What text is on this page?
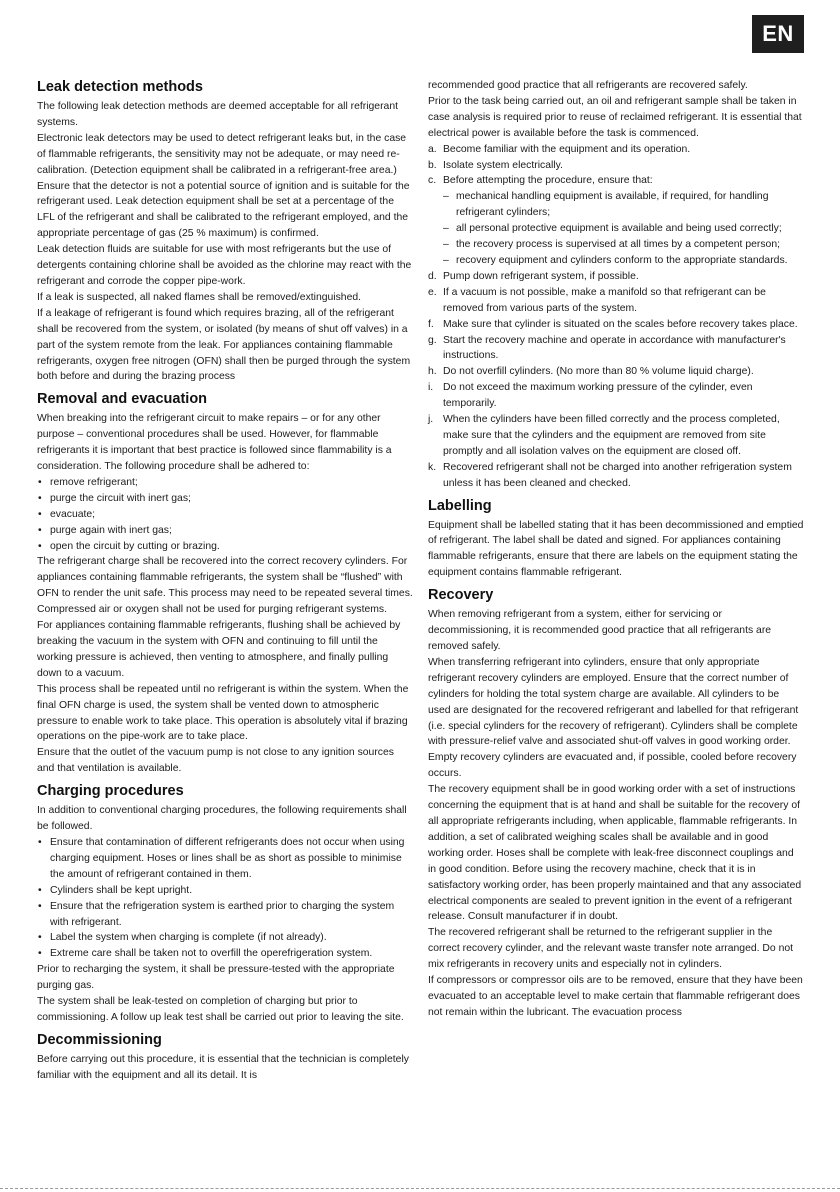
EN
Leak detection methods

The following leak detection methods are deemed acceptable for all refrigerant systems.

Electronic leak detectors may be used to detect refrigerant leaks but, in the case of flammable refrigerants, the sensitivity may not be adequate, or may need re-calibration. (Detection equipment shall be calibrated in a refrigerant-free area.) Ensure that the detector is not a potential source of ignition and is suitable for the refrigerant used. Leak detection equipment shall be set at a percentage of the LFL of the refrigerant and shall be calibrated to the refrigerant employed, and the appropriate percentage of gas (25 % maximum) is confirmed.

Leak detection fluids are suitable for use with most refrigerants but the use of detergents containing chlorine shall be avoided as the chlorine may react with the refrigerant and corrode the copper pipe-work.

If a leak is suspected, all naked flames shall be removed/extinguished.

If a leakage of refrigerant is found which requires brazing, all of the refrigerant shall be recovered from the system, or isolated (by means of shut off valves) in a part of the system remote from the leak. For appliances containing flammable refrigerants, oxygen free nitrogen (OFN) shall then be purged through the system both before and during the brazing process

Removal and evacuation

When breaking into the refrigerant circuit to make repairs – or for any other purpose – conventional procedures shall be used. However, for flammable refrigerants it is important that best practice is followed since flammability is a consideration. The following procedure shall be adhered to:

• remove refrigerant;
• purge the circuit with inert gas;
• evacuate;
• purge again with inert gas;
• open the circuit by cutting or brazing.

The refrigerant charge shall be recovered into the correct recovery cylinders. For appliances containing flammable refrigerants, the system shall be “flushed” with OFN to render the unit safe. This process may need to be repeated several times. Compressed air or oxygen shall not be used for purging refrigerant systems.

For appliances containing flammable refrigerants, flushing shall be achieved by breaking the vacuum in the system with OFN and continuing to fill until the working pressure is achieved, then venting to atmosphere, and finally pulling down to a vacuum.

This process shall be repeated until no refrigerant is within the system. When the final OFN charge is used, the system shall be vented down to atmospheric pressure to enable work to take place. This operation is absolutely vital if brazing operations on the pipe-work are to take place.

Ensure that the outlet of the vacuum pump is not close to any ignition sources and that ventilation is available.

Charging procedures

In addition to conventional charging procedures, the following requirements shall be followed.

• Ensure that contamination of different refrigerants does not occur when using charging equipment. Hoses or lines shall be as short as possible to minimise the amount of refrigerant contained in them.
• Cylinders shall be kept upright.
• Ensure that the refrigeration system is earthed prior to charging the system with refrigerant.
• Label the system when charging is complete (if not already).
• Extreme care shall be taken not to overfill the operefrigeration system.

Prior to recharging the system, it shall be pressure-tested with the appropriate purging gas.

The system shall be leak-tested on completion of charging but prior to commissioning. A follow up leak test shall be carried out prior to leaving the site.

Decommissioning

Before carrying out this procedure, it is essential that the technician is completely familiar with the equipment and all its detail. It is

recommended good practice that all refrigerants are recovered safely.

Prior to the task being carried out, an oil and refrigerant sample shall be taken in case analysis is required prior to reuse of reclaimed refrigerant. It is essential that electrical power is available before the task is commenced.

a. Become familiar with the equipment and its operation.
b. Isolate system electrically.
c. Before attempting the procedure, ensure that:
– mechanical handling equipment is available, if required, for handling refrigerant cylinders;
– all personal protective equipment is available and being used correctly;
– the recovery process is supervised at all times by a competent person;
– recovery equipment and cylinders conform to the appropriate standards.
d. Pump down refrigerant system, if possible.
e. If a vacuum is not possible, make a manifold so that refrigerant can be removed from various parts of the system.
f. Make sure that cylinder is situated on the scales before recovery takes place.
g. Start the recovery machine and operate in accordance with manufacturer's instructions.
h. Do not overfill cylinders. (No more than 80 % volume liquid charge).
i. Do not exceed the maximum working pressure of the cylinder, even temporarily.
j. When the cylinders have been filled correctly and the process completed, make sure that the cylinders and the equipment are removed from site promptly and all isolation valves on the equipment are closed off.
k. Recovered refrigerant shall not be charged into another refrigeration system unless it has been cleaned and checked.
Labelling

Equipment shall be labelled stating that it has been decommissioned and emptied of refrigerant. The label shall be dated and signed. For appliances containing flammable refrigerants, ensure that there are labels on the equipment stating the equipment contains flammable refrigerant.

Recovery

When removing refrigerant from a system, either for servicing or decommissioning, it is recommended good practice that all refrigerants are removed safely.

When transferring refrigerant into cylinders, ensure that only appropriate refrigerant recovery cylinders are employed. Ensure that the correct number of cylinders for holding the total system charge are available. All cylinders to be used are designated for the recovered refrigerant and labelled for that refrigerant (i.e. special cylinders for the recovery of refrigerant). Cylinders shall be complete with pressure-relief valve and associated shut-off valves in good working order. Empty recovery cylinders are evacuated and, if possible, cooled before recovery occurs.

The recovery equipment shall be in good working order with a set of instructions concerning the equipment that is at hand and shall be suitable for the recovery of all appropriate refrigerants including, when applicable, flammable refrigerants. In addition, a set of calibrated weighing scales shall be available and in good working order. Hoses shall be complete with leak-free disconnect couplings and in good condition. Before using the recovery machine, check that it is in satisfactory working order, has been properly maintained and that any associated electrical components are sealed to prevent ignition in the event of a refrigerant release. Consult manufacturer if in doubt.

The recovered refrigerant shall be returned to the refrigerant supplier in the correct recovery cylinder, and the relevant waste transfer note arranged. Do not mix refrigerants in recovery units and especially not in cylinders.

If compressors or compressor oils are to be removed, ensure that they have been evacuated to an acceptable level to make certain that flammable refrigerant does not remain within the lubricant. The evacuation process
